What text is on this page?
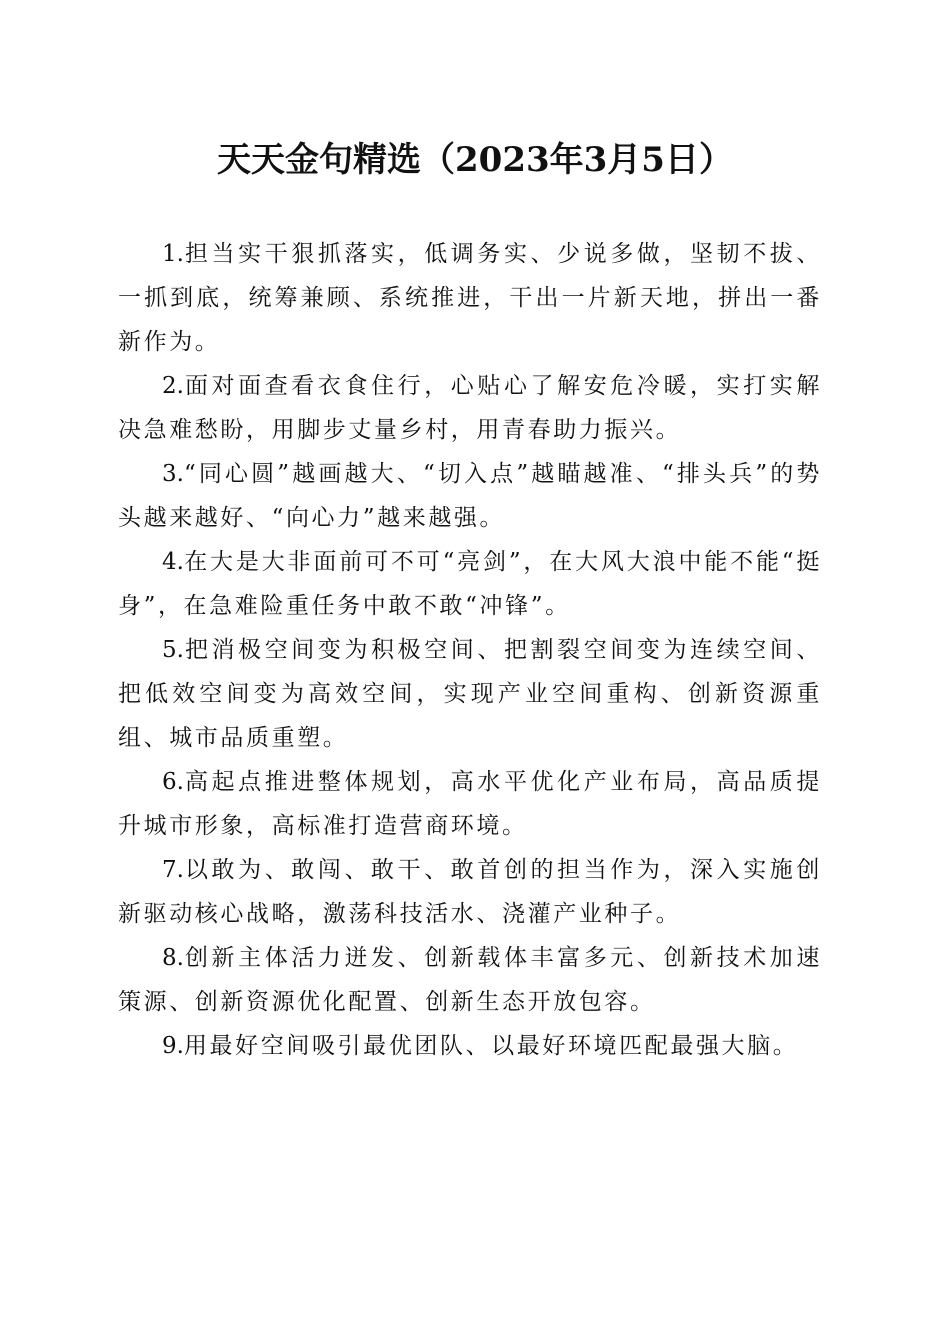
天天金句精选（2023年3月5日）

1.担当实干狠抓落实，低调务实、少说多做，坚韧不拔、一抓到底，统筹兼顾、系统推进，干出一片新天地，拼出一番新作为。

2.面对面查看衣食住行，心贴心了解安危冷暖，实打实解决急难愁盼，用脚步丈量乡村，用青春助力振兴。

3.“同心圆”越画越大、“切入点”越瞄越准、“排头兵”的势头越来越好、“向心力”越来越强。

4.在大是大非面前可不可“亮剑”，在大风大浪中能不能“挺身”，在急难险重任务中敢不敢“冲锋”。

5.把消极空间变为积极空间、把割裂空间变为连续空间、把低效空间变为高效空间，实现产业空间重构、创新资源重组、城市品质重塑。

6.高起点推进整体规划，高水平优化产业布局，高品质提升城市形象，高标准打造营商环境。

7.以敢为、敢闯、敢干、敢首创的担当作为，深入实施创新驱动核心战略，激荡科技活水、浇灌产业种子。

8.创新主体活力迸发、创新载体丰富多元、创新技术加速策源、创新资源优化配置、创新生态开放包容。

9.用最好空间吸引最优团队、以最好环境匹配最强大脑。
